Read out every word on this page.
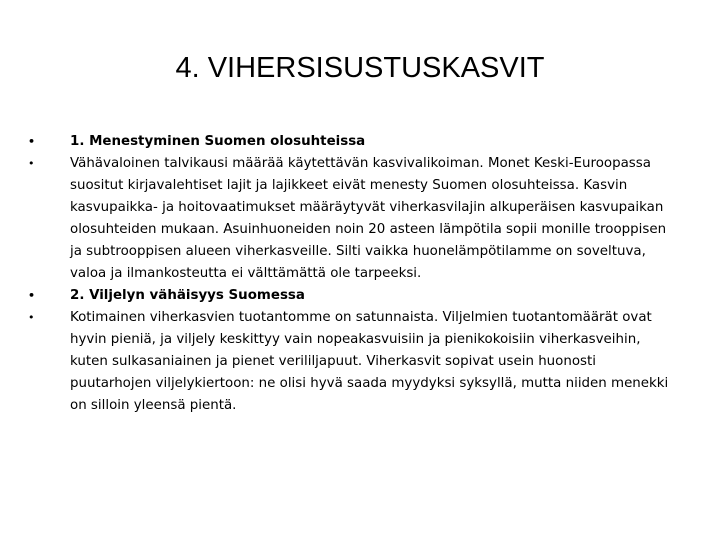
4. VIHERSISUSTUSKASVIT
• 1. Menestyminen Suomen olosuhteissa
• Vähävaloinen talvikausi määrää käytettävän kasvivalikoiman. Monet Keski-Euroopassa suositut kirjavalehtiset lajit ja lajikkeet eivät menesty Suomen olosuhteissa. Kasvin kasvupaikka- ja hoitovaatimukset määräytyvät viherkasvilajin alkuperäisen kasvupaikan olosuhteiden mukaan. Asuinhuoneiden noin 20 asteen lämpötila sopii monille trooppisen ja subtrooppisen alueen viherkasveille. Silti vaikka huonelämpötilamme on soveltuva, valoa ja ilmankosteutta ei välttämättä ole tarpeeksi.
• 2. Viljelyn vähäisyys Suomessa
• Kotimainen viherkasvien tuotantomme on satunnaista. Viljelmien tuotantomäärät ovat hyvin pieniä, ja viljely keskittyy vain nopeakasvuisiin ja pienikokoisiin viherkasveihin, kuten sulkasaniainen ja pienet verililjapuut. Viherkasvit sopivat usein huonosti puutarhojen viljelykiertoon: ne olisi hyvä saada myydyksi syksyllä, mutta niiden menekki on silloin yleensä pientä.
